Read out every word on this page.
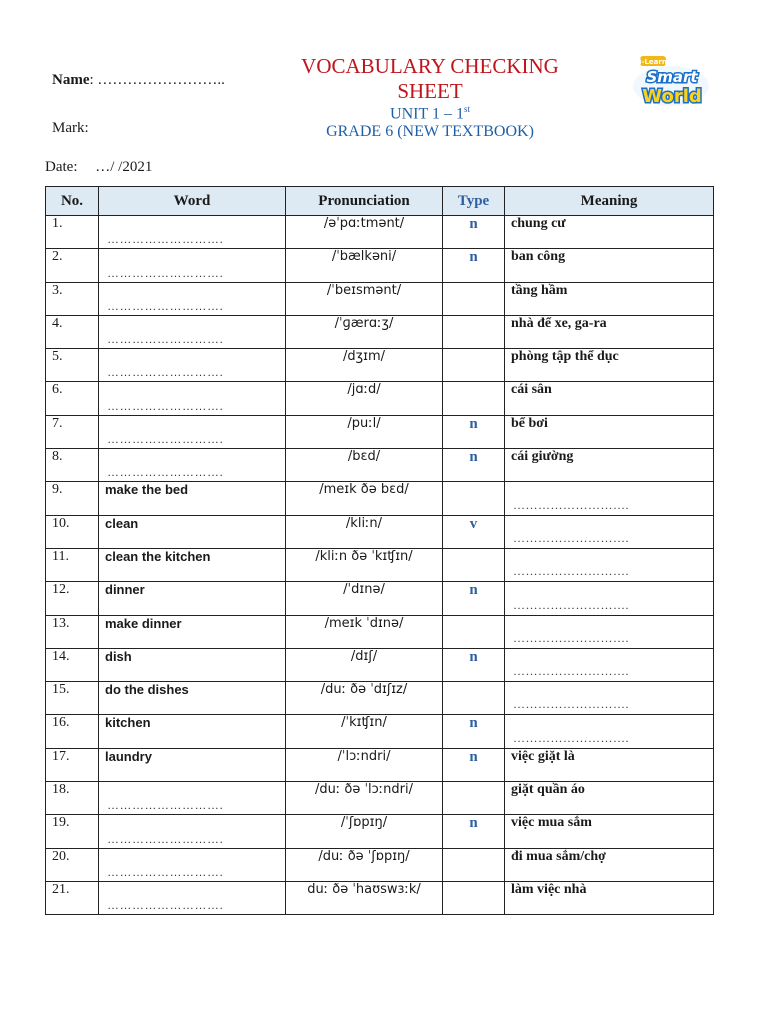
Name: ……………………..
Mark:
Date: …/ /2021
VOCABULARY CHECKING
SHEET
UNIT 1 – 1st
GRADE 6 (NEW TEXTBOOK)
i-Learn
Smart
World
No.	Word	Pronunciation	Type	Meaning
1.	……………………….	/əˈpɑːtmənt/	n	chung cư
2.	……………………….	/ˈbælkəni/	n	ban công
3.	……………………….	/ˈbeɪsmənt/		tầng hầm
4.	……………………….	/ˈɡærɑːʒ/		nhà để xe, ga-ra
5.	……………………….	/dʒɪm/		phòng tập thể dục
6.	……………………….	/jɑːd/		cái sân
7.	……………………….	/puːl/	n	bể bơi
8.	……………………….	/bɛd/	n	cái giường
9.	make the bed	/meɪk ðə bɛd/		……………………….

10.	clean	/kliːn/	v	……………………….

11.	clean the kitchen	/kliːn ðə ˈkɪʧɪn/		……………………….

12.	dinner	/ˈdɪnə/	n	……………………….

13.	make dinner	/meɪk ˈdɪnə/		……………………….

14.	dish	/dɪʃ/	n	……………………….

15.	do the dishes	/duː ðə ˈdɪʃɪz/		……………………….

16.	kitchen	/ˈkɪʧɪn/	n	……………………….

17.	laundry	/ˈlɔːndri/	n	việc giặt là
18.	……………………….	/duː ðə ˈlɔːndri/		giặt quần áo
19.	……………………….	/ˈʃɒpɪŋ/	n	việc mua sắm
20.	……………………….	/duː ðə ˈʃɒpɪŋ/		đi mua sắm/chợ
21.	……………………….	duː ðə ˈhaʊswɜːk/		làm việc nhà
